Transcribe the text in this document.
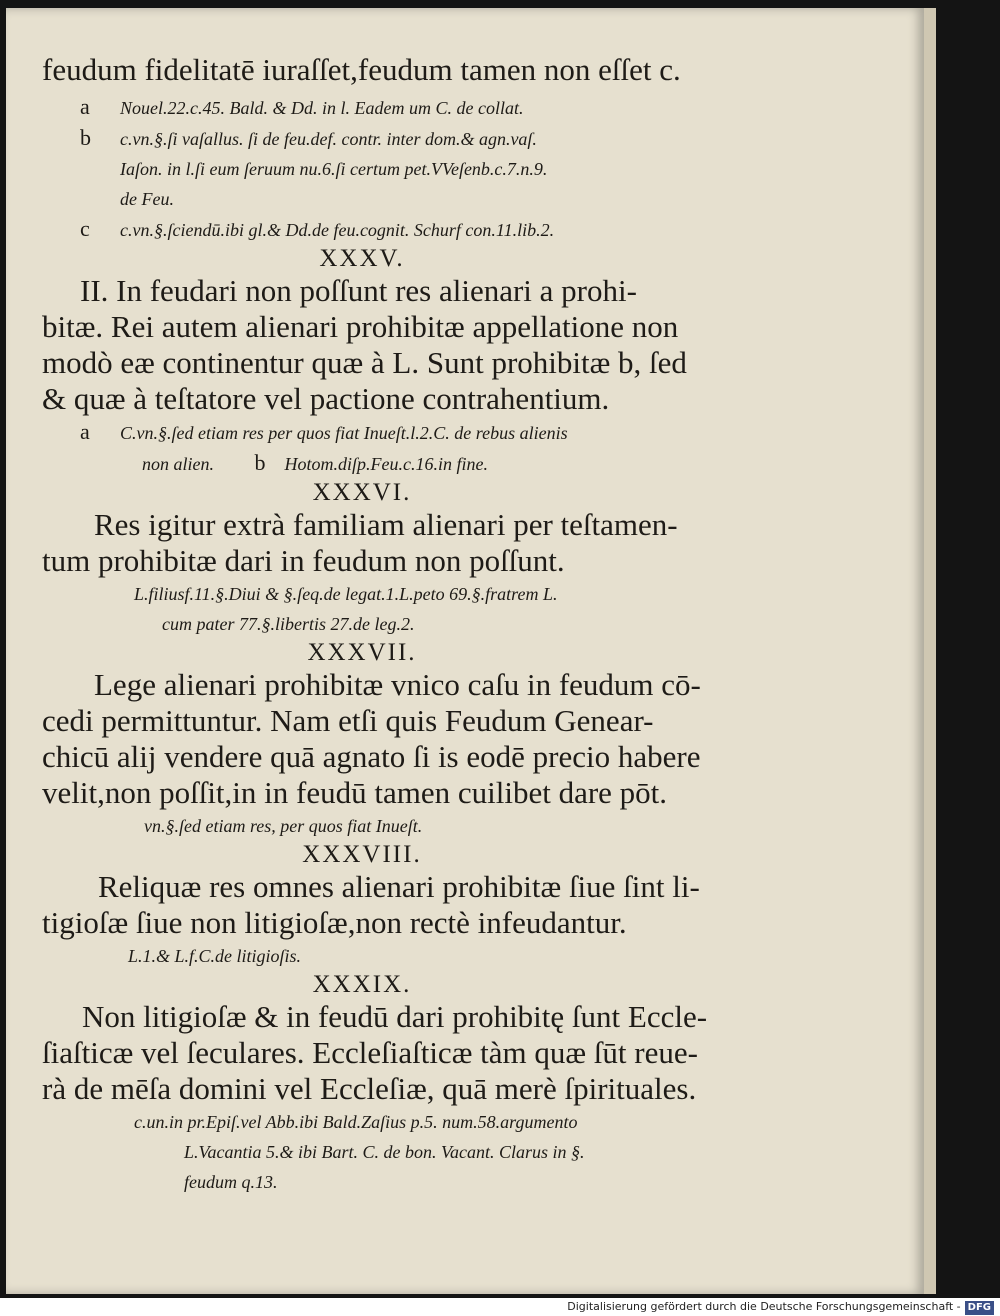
feudum fidelitatē iuraſſet,feudum tamen non eſſet c.

a Nouel.22.c.45. Bald. & Dd. in l. Eadem um C. de collat.

b c.vn.§.ſi vaſallus. ſi de feu.def. contr. inter dom.& agn.vaſ.

Iaſon. in l.ſi eum ſeruum nu.6.ſi certum pet.VVeſenb.c.7.n.9.

de Feu.

c c.vn.§.ſciendū.ibi gl.& Dd.de feu.cognit. Schurf con.11.lib.2.

XXXV.

II. In feudari non poſſunt res alienari a prohi-

bitæ. Rei autem alienari prohibitæ appellatione non

modò eæ continentur quæ à L. Sunt prohibitæ b, ſed

& quæ à teſtatore vel pactione contrahentium.

a C.vn.§.ſed etiam res per quos fiat Inueſt.l.2.C. de rebus alienis

non alien. b Hotom.diſp.Feu.c.16.in fine.

XXXVI.

Res igitur extrà familiam alienari per teſtamen-

tum prohibitæ dari in feudum non poſſunt.

L.filiusf.11.§.Diui & §.ſeq.de legat.1.L.peto 69.§.fratrem L.

cum pater 77.§.libertis 27.de leg.2.

XXXVII.

Lege alienari prohibitæ vnico caſu in feudum cō-

cedi permittuntur. Nam etſi quis Feudum Genear-

chicū alij vendere quā agnato ſi is eodē precio habere

velit,non poſſit,in in feudū tamen cuilibet dare pōt.

vn.§.ſed etiam res, per quos fiat Inueſt.

XXXVIII.

Reliquæ res omnes alienari prohibitæ ſiue ſint li-

tigioſæ ſiue non litigioſæ,non rectè infeudantur.

L.1.& L.f.C.de litigioſis.

XXXIX.

Non litigioſæ & in feudū dari prohibitę ſunt Eccle-

ſiaſticæ vel ſeculares. Eccleſiaſticæ tàm quæ ſūt reue-

rà de mēſa domini vel Eccleſiæ, quā merè ſpirituales.

c.un.in pr.Epiſ.vel Abb.ibi Bald.Zaſius p.5. num.58.argumento

L.Vacantia 5.& ibi Bart. C. de bon. Vacant. Clarus in §.

feudum q.13.

Digitalisierung gefördert durch die Deutsche Forschungsgemeinschaft - DFG
